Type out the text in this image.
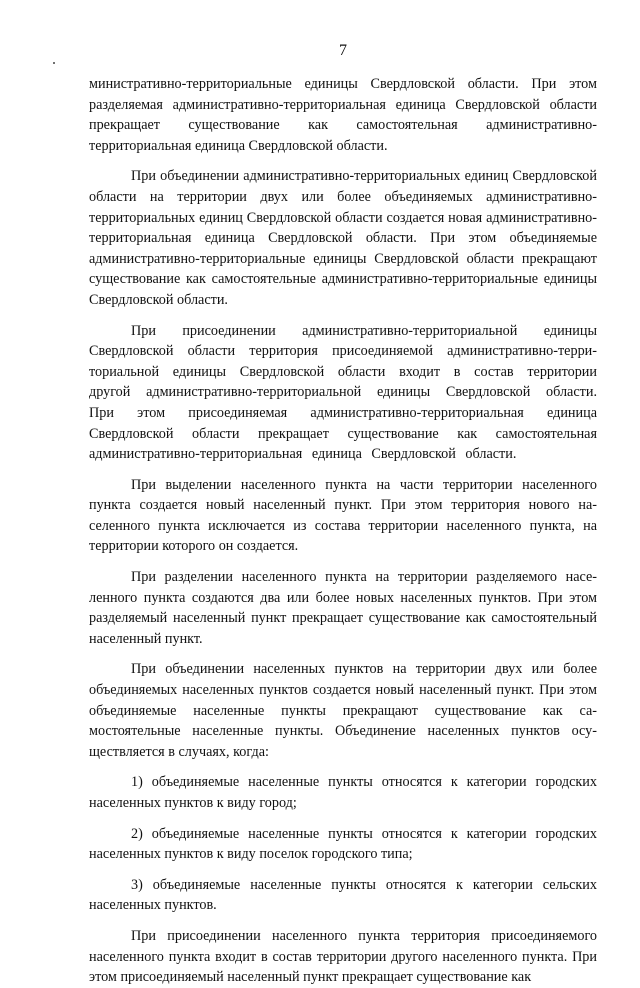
7

министративно-территориальные единицы Свердловской области. При этом разделяемая административно-территориальная единица Свердловской области прекращает существование как самостоятельная административно-территориальная единица Свердловской области.

При объединении административно-территориальных единиц Свердловской области на территории двух или более объединяемых административно-территориальных единиц Свердловской области создается новая административно-территориальная единица Свердловской области. При этом объединяемые административно-территориальные единицы Свердловской области прекращают существование как самостоятельные административно-территориальные единицы Свердловской области.

При присоединении административно-территориальной единицы Свердловской области территория присоединяемой административно-территориальной единицы Свердловской области входит в состав территории другой административно-территориальной единицы Свердловской области. При этом присоединяемая административно-территориальная единица Свердловской области прекращает существование как самостоятельная административно-территориальная единица Свердловской области.

При выделении населенного пункта на части территории населенного пункта создается новый населенный пункт. При этом территория нового населенного пункта исключается из состава территории населенного пункта, на территории которого он создается.

При разделении населенного пункта на территории разделяемого населенного пункта создаются два или более новых населенных пунктов. При этом разделяемый населенный пункт прекращает существование как самостоятельный населенный пункт.

При объединении населенных пунктов на территории двух или более объединяемых населенных пунктов создается новый населенный пункт. При этом объединяемые населенные пункты прекращают существование как самостоятельные населенные пункты. Объединение населенных пунктов осуществляется в случаях, когда:

1) объединяемые населенные пункты относятся к категории городских населенных пунктов к виду город;

2) объединяемые населенные пункты относятся к категории городских населенных пунктов к виду поселок городского типа;

3) объединяемые населенные пункты относятся к категории сельских населенных пунктов.

При присоединении населенного пункта территория присоединяемого населенного пункта входит в состав территории другого населенного пункта. При этом присоединяемый населенный пункт прекращает существование как
